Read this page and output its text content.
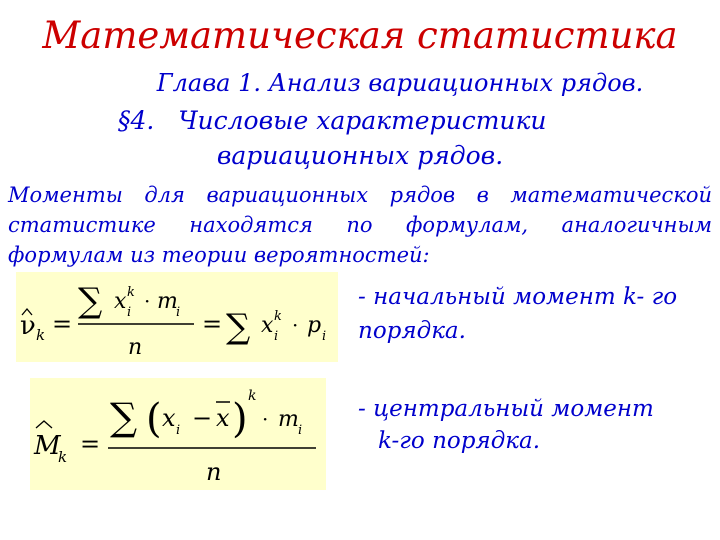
Математическая статистика
Глава 1. Анализ вариационных рядов.
§4.   Числовые характеристики
вариационных рядов.
Моменты для вариационных рядов в математической статистике находятся по формулам, аналогичным формулам из теории вероятностей:
ν k =
∑ x k
i · m
i
n
= ∑ x k
i · p i
- начальный момент k- го
порядка.
M
k =
∑ ( x i − x ) k
· m i
n
- центральный момент
k-го порядка.
